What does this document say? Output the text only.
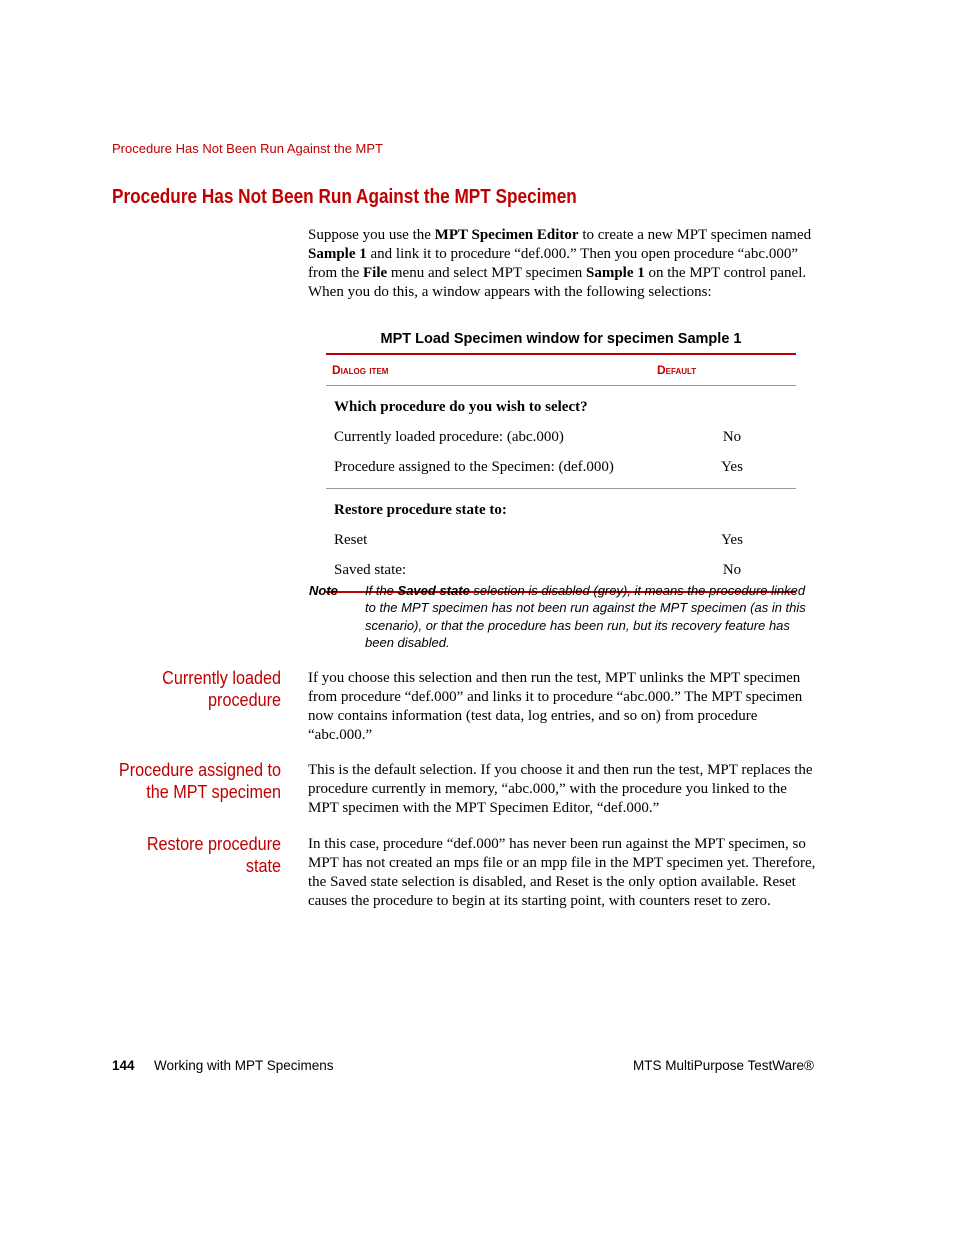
Procedure Has Not Been Run Against the MPT
Procedure Has Not Been Run Against the MPT Specimen

Suppose you use the MPT Specimen Editor to create a new MPT specimen named Sample 1 and link it to procedure “def.000.” Then you open procedure “abc.000” from the File menu and select MPT specimen Sample 1 on the MPT control panel. When you do this, a window appears with the following selections:

MPT Load Specimen window for specimen Sample 1
Dialog item	Default
Which procedure do you wish to select?
Currently loaded procedure: (abc.000)	No
Procedure assigned to the Specimen: (def.000)	Yes
Restore procedure state to:
Reset	Yes
Saved state:	No
Note If the Saved state selection is disabled (grey), it means the procedure linked to the MPT specimen has not been run against the MPT specimen (as in this scenario), or that the procedure has been run, but its recovery feature has been disabled.
Currently loaded
procedure

If you choose this selection and then run the test, MPT unlinks the MPT specimen from procedure “def.000” and links it to procedure “abc.000.” The MPT specimen now contains information (test data, log entries, and so on) from procedure “abc.000.”

Procedure assigned to
the MPT specimen

This is the default selection. If you choose it and then run the test, MPT replaces the procedure currently in memory, “abc.000,” with the procedure you linked to the MPT specimen with the MPT Specimen Editor, “def.000.”

Restore procedure state

In this case, procedure “def.000” has never been run against the MPT specimen, so MPT has not created an mps file or an mpp file in the MPT specimen yet. Therefore, the Saved state selection is disabled, and Reset is the only option available. Reset causes the procedure to begin at its starting point, with counters reset to zero.

144 Working with MPT Specimens	MTS MultiPurpose TestWare®
